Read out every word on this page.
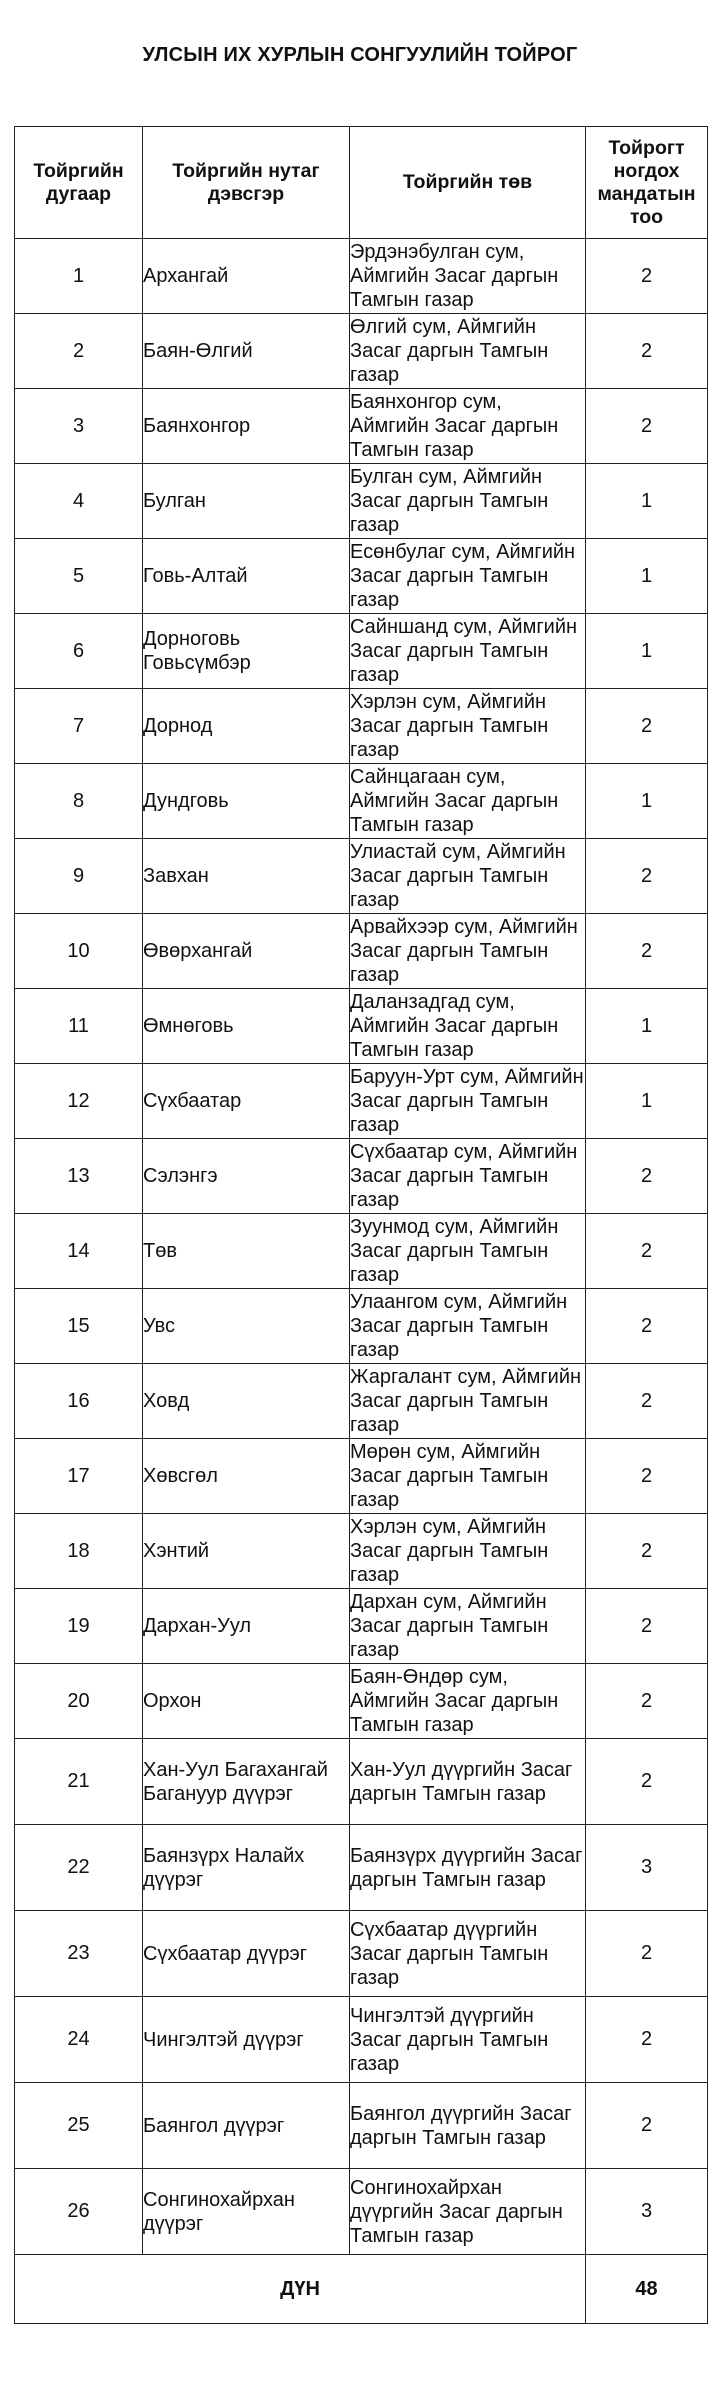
УЛСЫН ИХ ХУРЛЫН СОНГУУЛИЙН ТОЙРОГ
Тойргийн дугаар	Тойргийн нутаг дэвсгэр	Тойргийн төв	Тойрогт ногдох мандатын тоо
1	Архангай	Эрдэнэбулган сум, Аймгийн Засаг даргын Тамгын газар	2
2	Баян-Өлгий	Өлгий сум, Аймгийн Засаг даргын Тамгын газар	2
3	Баянхонгор	Баянхонгор сум, Аймгийн Засаг даргын Тамгын газар	2
4	Булган	Булган сум, Аймгийн Засаг даргын Тамгын газар	1
5	Говь-Алтай	Есөнбулаг сум, Аймгийн Засаг даргын Тамгын газар	1
6	Дорноговь Говьсүмбэр	Сайншанд сум, Аймгийн Засаг даргын Тамгын газар	1
7	Дорнод	Хэрлэн сум, Аймгийн Засаг даргын Тамгын газар	2
8	Дундговь	Сайнцагаан сум, Аймгийн Засаг даргын Тамгын газар	1
9	Завхан	Улиастай сум, Аймгийн Засаг даргын Тамгын газар	2
10	Өвөрхангай	Арвайхээр сум, Аймгийн Засаг даргын Тамгын газар	2
11	Өмнөговь	Даланзадгад сум, Аймгийн Засаг даргын Тамгын газар	1
12	Сүхбаатар	Баруун-Урт сум, Аймгийн Засаг даргын Тамгын газар	1
13	Сэлэнгэ	Сүхбаатар сум, Аймгийн Засаг даргын Тамгын газар	2
14	Төв	Зуунмод сум, Аймгийн Засаг даргын Тамгын газар	2
15	Увс	Улаангом сум, Аймгийн Засаг даргын Тамгын газар	2
16	Ховд	Жаргалант сум, Аймгийн Засаг даргын Тамгын газар	2
17	Хөвсгөл	Мөрөн сум, Аймгийн Засаг даргын Тамгын газар	2
18	Хэнтий	Хэрлэн сум, Аймгийн Засаг даргын Тамгын газар	2
19	Дархан-Уул	Дархан сум, Аймгийн Засаг даргын Тамгын газар	2
20	Орхон	Баян-Өндөр сум, Аймгийн Засаг даргын Тамгын газар	2
21	Хан-Уул Багахангай Багануур дүүрэг	Хан-Уул дүүргийн Засаг даргын Тамгын газар	2
22	Баянзүрх Налайх дүүрэг	Баянзүрх дүүргийн Засаг даргын Тамгын газар	3
23	Сүхбаатар дүүрэг	Сүхбаатар дүүргийн Засаг даргын Тамгын газар	2
24	Чингэлтэй дүүрэг	Чингэлтэй дүүргийн Засаг даргын Тамгын газар	2
25	Баянгол дүүрэг	Баянгол дүүргийн Засаг даргын Тамгын газар	2
26	Сонгинохайрхан дүүрэг	Сонгинохайрхан дүүргийн Засаг даргын Тамгын газар	3
ДҮН			48
